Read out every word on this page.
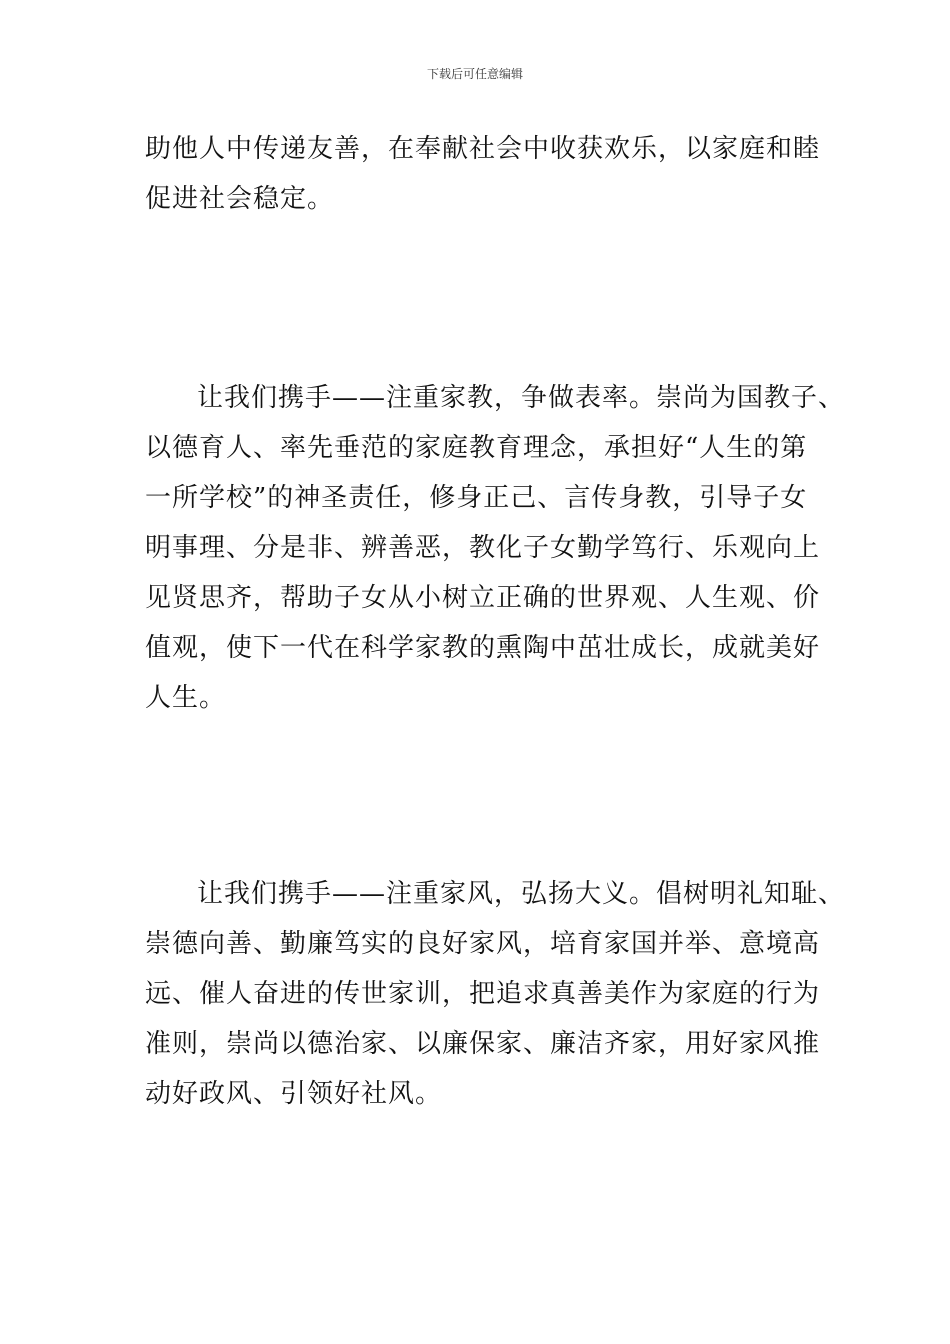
下载后可任意编辑
助他人中传递友善，在奉献社会中收获欢乐，以家庭和睦
促进社会稳定。
让我们携手——注重家教，争做表率。崇尚为国教子、
以德育人、率先垂范的家庭教育理念，承担好“人生的第
一所学校”的神圣责任，修身正己、言传身教，引导子女
明事理、分是非、辨善恶，教化子女勤学笃行、乐观向上
见贤思齐，帮助子女从小树立正确的世界观、人生观、价
值观，使下一代在科学家教的熏陶中茁壮成长，成就美好
人生。
让我们携手——注重家风，弘扬大义。倡树明礼知耻、
崇德向善、勤廉笃实的良好家风，培育家国并举、意境高
远、催人奋进的传世家训，把追求真善美作为家庭的行为
准则，崇尚以德治家、以廉保家、廉洁齐家，用好家风推
动好政风、引领好社风。
